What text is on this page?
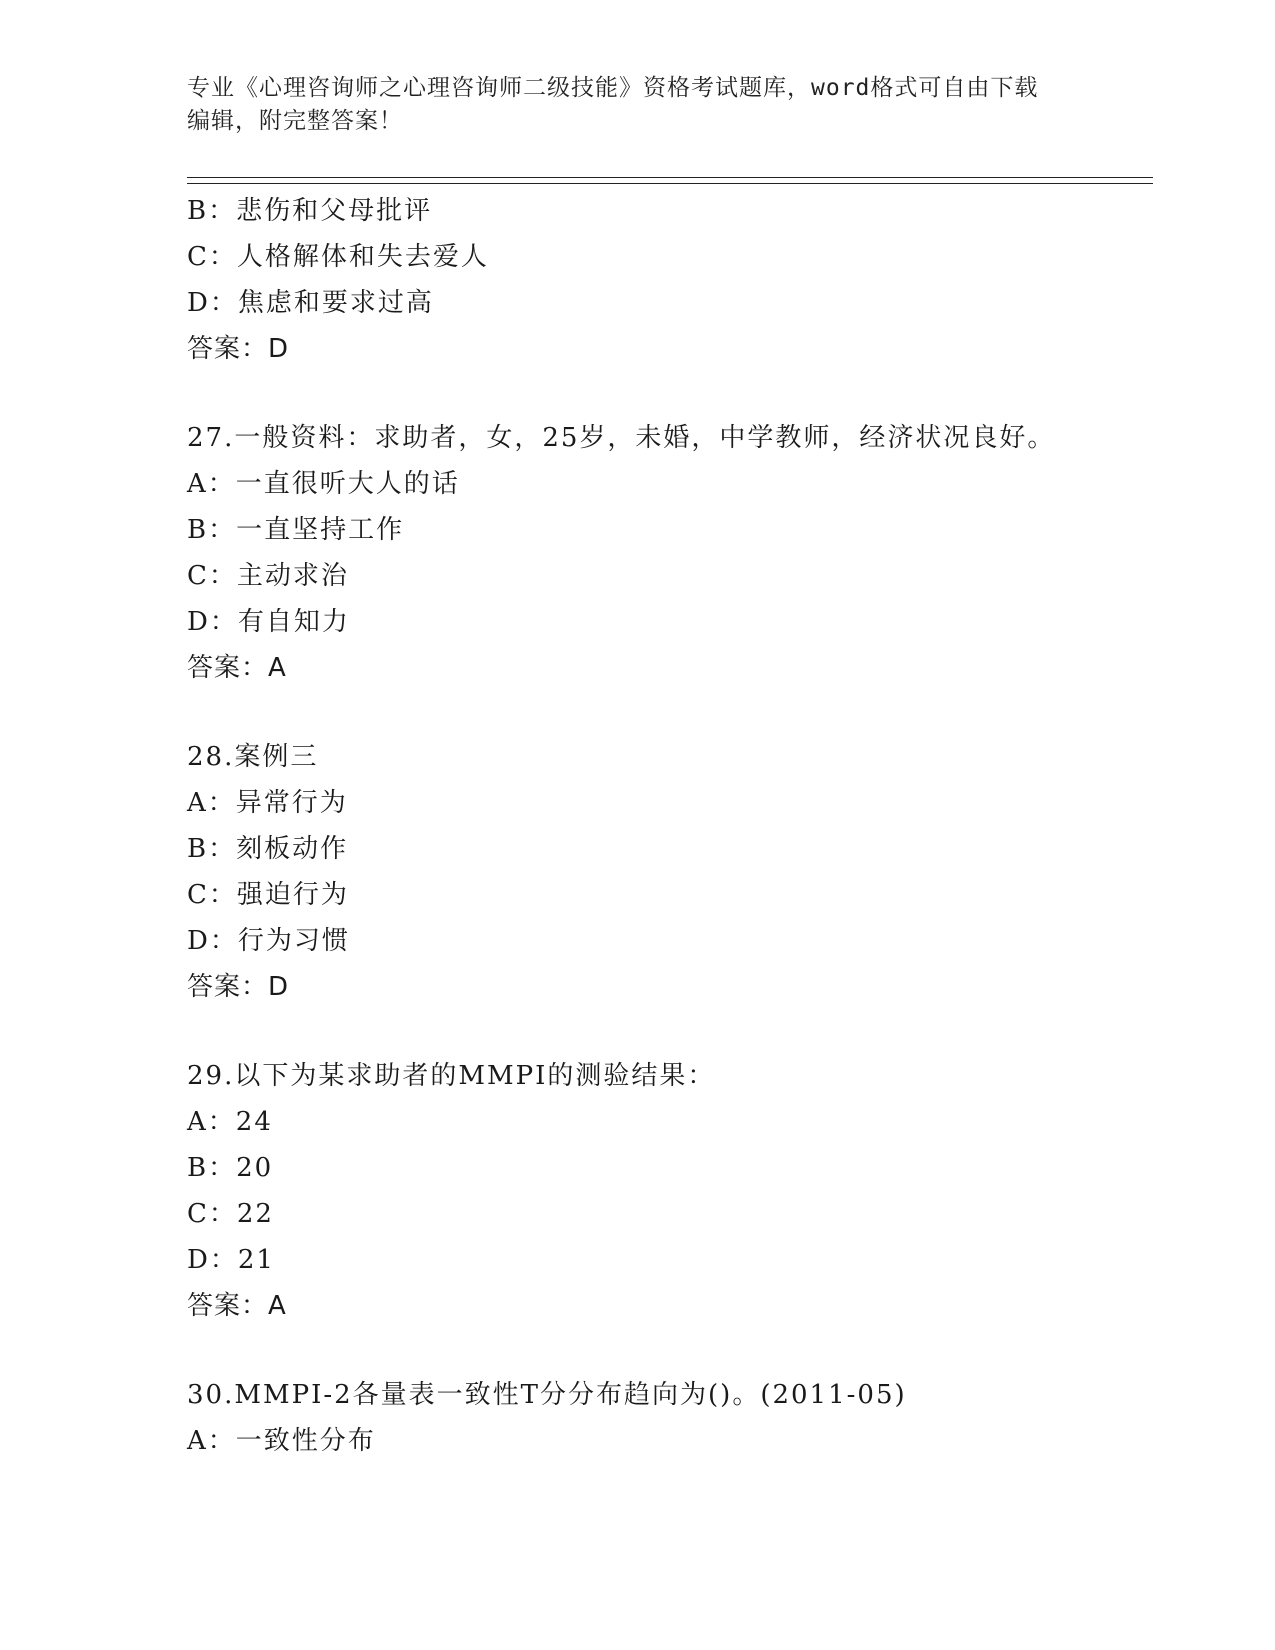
专业《心理咨询师之心理咨询师二级技能》资格考试题库，word格式可自由下载
编辑，附完整答案！
B：悲伤和父母批评
C：人格解体和失去爱人
D：焦虑和要求过高
答案：D
27.一般资料：求助者，女，25岁，未婚，中学教师，经济状况良好。
A：一直很听大人的话
B：一直坚持工作
C：主动求治
D：有自知力
答案：A
28.案例三
A：异常行为
B：刻板动作
C：强迫行为
D：行为习惯
答案：D
29.以下为某求助者的MMPI的测验结果：
A：24
B：20
C：22
D：21
答案：A
30.MMPI-2各量表一致性T分分布趋向为()。(2011-05)
A：一致性分布
